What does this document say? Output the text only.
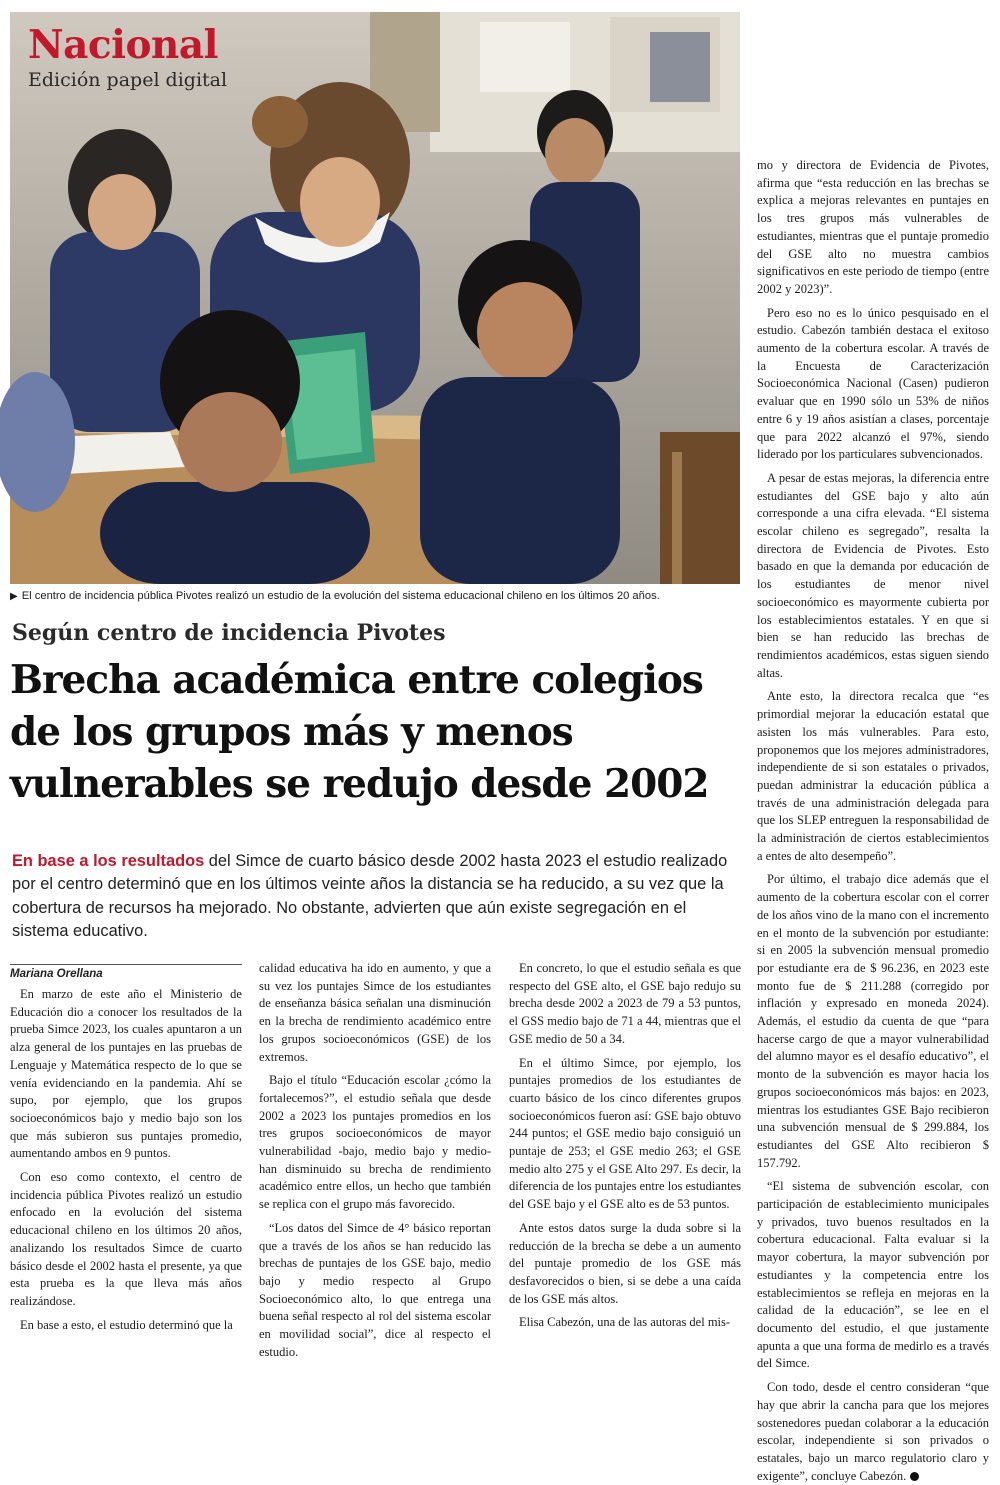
Nacional
Edición papel digital
▶ El centro de incidencia pública Pivotes realizó un estudio de la evolución del sistema educacional chileno en los últimos 20 años.
Según centro de incidencia Pivotes
Brecha académica entre colegios
de los grupos más y menos
vulnerables se redujo desde 2002
En base a los resultados del Simce de cuarto básico desde 2002 hasta 2023 el estudio realizado por el centro determinó que en los últimos veinte años la distancia se ha reducido, a su vez que la cobertura de recursos ha mejorado. No obstante, advierten que aún existe segregación en el sistema educativo.
Mariana Orellana

En marzo de este año el Ministerio de Educación dio a conocer los resultados de la prueba Simce 2023, los cuales apuntaron a un alza general de los puntajes en las pruebas de Lenguaje y Matemática respecto de lo que se venía evidenciando en la pandemia. Ahí se supo, por ejemplo, que los grupos socioeconómicos bajo y medio bajo son los que más subieron sus puntajes promedio, aumentando ambos en 9 puntos.

Con eso como contexto, el centro de incidencia pública Pivotes realizó un estudio enfocado en la evolución del sistema educacional chileno en los últimos 20 años, analizando los resultados Simce de cuarto básico desde el 2002 hasta el presente, ya que esta prueba es la que lleva más años realizándose.

En base a esto, el estudio determinó que la

calidad educativa ha ido en aumento, y que a su vez los puntajes Simce de los estudiantes de enseñanza básica señalan una disminución en la brecha de rendimiento académico entre los grupos socioeconómicos (GSE) de los extremos.

Bajo el título “Educación escolar ¿cómo la fortalecemos?”, el estudio señala que desde 2002 a 2023 los puntajes promedios en los tres grupos socioeconómicos de mayor vulnerabilidad -bajo, medio bajo y medio- han disminuido su brecha de rendimiento académico entre ellos, un hecho que también se replica con el grupo más favorecido.

“Los datos del Simce de 4° básico reportan que a través de los años se han reducido las brechas de puntajes de los GSE bajo, medio bajo y medio respecto al Grupo Socioeconómico alto, lo que entrega una buena señal respecto al rol del sistema escolar en movilidad social”, dice al respecto el estudio.

En concreto, lo que el estudio señala es que respecto del GSE alto, el GSE bajo redujo su brecha desde 2002 a 2023 de 79 a 53 puntos, el GSS medio bajo de 71 a 44, mientras que el GSE medio de 50 a 34.

En el último Simce, por ejemplo, los puntajes promedios de los estudiantes de cuarto básico de los cinco diferentes grupos socioeconómicos fueron así: GSE bajo obtuvo 244 puntos; el GSE medio bajo consiguió un puntaje de 253; el GSE medio 263; el GSE medio alto 275 y el GSE Alto 297. Es decir, la diferencia de los puntajes entre los estudiantes del GSE bajo y el GSE alto es de 53 puntos.

Ante estos datos surge la duda sobre si la reducción de la brecha se debe a un aumento del puntaje promedio de los GSE más desfavorecidos o bien, si se debe a una caída de los GSE más altos.

Elisa Cabezón, una de las autoras del mis-

mo y directora de Evidencia de Pivotes, afirma que “esta reducción en las brechas se explica a mejoras relevantes en puntajes en los tres grupos más vulnerables de estudiantes, mientras que el puntaje promedio del GSE alto no muestra cambios significativos en este periodo de tiempo (entre 2002 y 2023)”.

Pero eso no es lo único pesquisado en el estudio. Cabezón también destaca el exitoso aumento de la cobertura escolar. A través de la Encuesta de Caracterización Socioeconómica Nacional (Casen) pudieron evaluar que en 1990 sólo un 53% de niños entre 6 y 19 años asistían a clases, porcentaje que para 2022 alcanzó el 97%, siendo liderado por los particulares subvencionados.

A pesar de estas mejoras, la diferencia entre estudiantes del GSE bajo y alto aún corresponde a una cifra elevada. “El sistema escolar chileno es segregado”, resalta la directora de Evidencia de Pivotes. Esto basado en que la demanda por educación de los estudiantes de menor nivel socioeconómico es mayormente cubierta por los establecimientos estatales. Y en que si bien se han reducido las brechas de rendimientos académicos, estas siguen siendo altas.

Ante esto, la directora recalca que “es primordial mejorar la educación estatal que asisten los más vulnerables. Para esto, proponemos que los mejores administradores, independiente de si son estatales o privados, puedan administrar la educación pública a través de una administración delegada para que los SLEP entreguen la responsabilidad de la administración de ciertos establecimientos a entes de alto desempeño”.

Por último, el trabajo dice además que el aumento de la cobertura escolar con el correr de los años vino de la mano con el incremento en el monto de la subvención por estudiante: si en 2005 la subvención mensual promedio por estudiante era de $ 96.236, en 2023 este monto fue de $ 211.288 (corregido por inflación y expresado en moneda 2024). Además, el estudio da cuenta de que “para hacerse cargo de que a mayor vulnerabilidad del alumno mayor es el desafío educativo”, el monto de la subvención es mayor hacia los grupos socioeconómicos más bajos: en 2023, mientras los estudiantes GSE Bajo recibieron una subvención mensual de $ 299.884, los estudiantes del GSE Alto recibieron $ 157.792.

“El sistema de subvención escolar, con participación de establecimiento municipales y privados, tuvo buenos resultados en la cobertura educacional. Falta evaluar si la mayor cobertura, la mayor subvención por estudiantes y la competencia entre los establecimientos se refleja en mejoras en la calidad de la educación”, se lee en el documento del estudio, el que justamente apunta a que una forma de medirlo es a través del Simce.

Con todo, desde el centro consideran “que hay que abrir la cancha para que los mejores sostenedores puedan colaborar a la educación escolar, independiente si son privados o estatales, bajo un marco regulatorio claro y exigente”, concluye Cabezón.
